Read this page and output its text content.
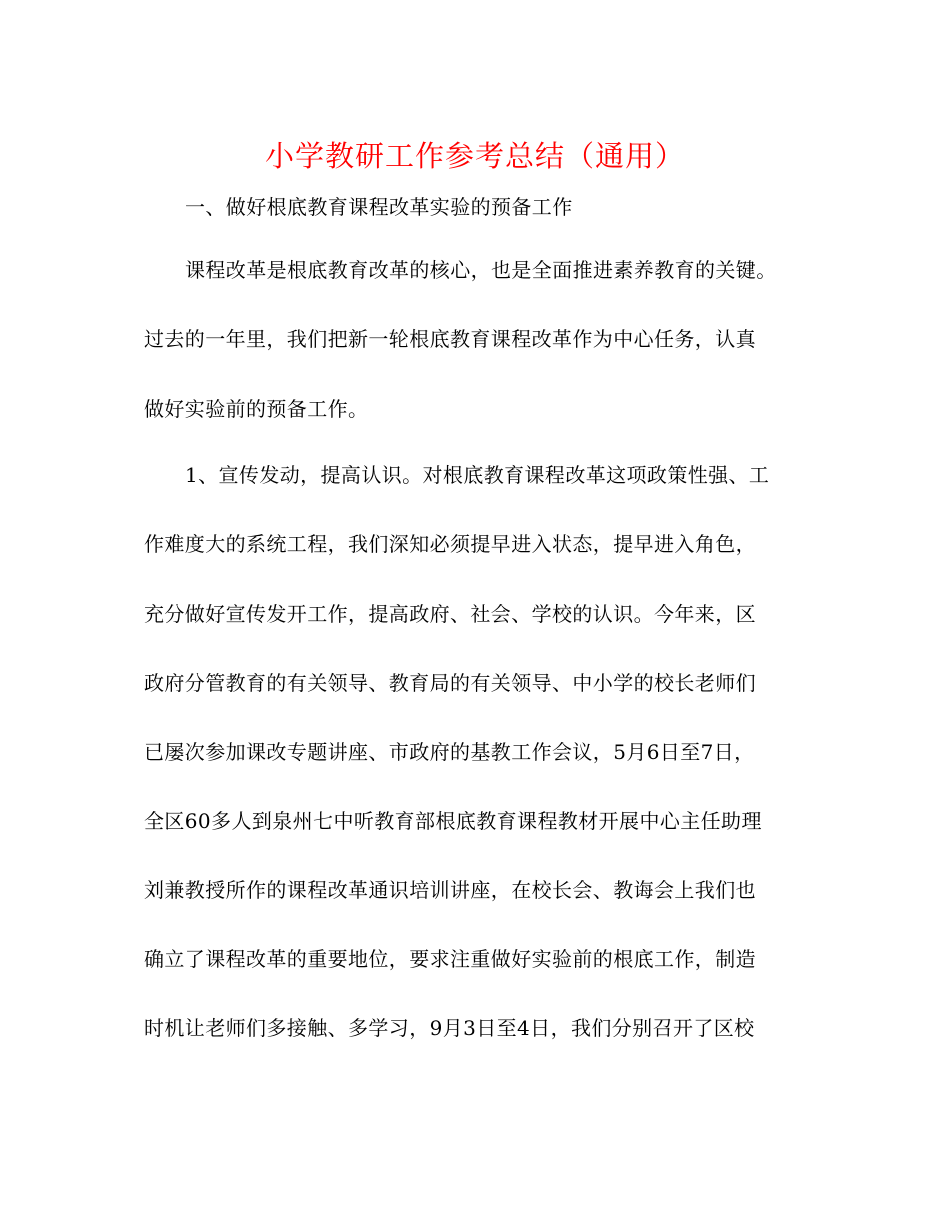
小学教研工作参考总结（通用）
一、做好根底教育课程改革实验的预备工作
课程改革是根底教育改革的核心，也是全面推进素养教育的关键。
过去的一年里，我们把新一轮根底教育课程改革作为中心任务，认真
做好实验前的预备工作。
1、宣传发动，提高认识。对根底教育课程改革这项政策性强、工
作难度大的系统工程，我们深知必须提早进入状态，提早进入角色，
充分做好宣传发开工作，提高政府、社会、学校的认识。今年来，区
政府分管教育的有关领导、教育局的有关领导、中小学的校长老师们
已屡次参加课改专题讲座、市政府的基教工作会议，5月6日至7日，
全区60多人到泉州七中听教育部根底教育课程教材开展中心主任助理
刘兼教授所作的课程改革通识培训讲座，在校长会、教诲会上我们也
确立了课程改革的重要地位，要求注重做好实验前的根底工作，制造
时机让老师们多接触、多学习，9月3日至4日，我们分别召开了区校
